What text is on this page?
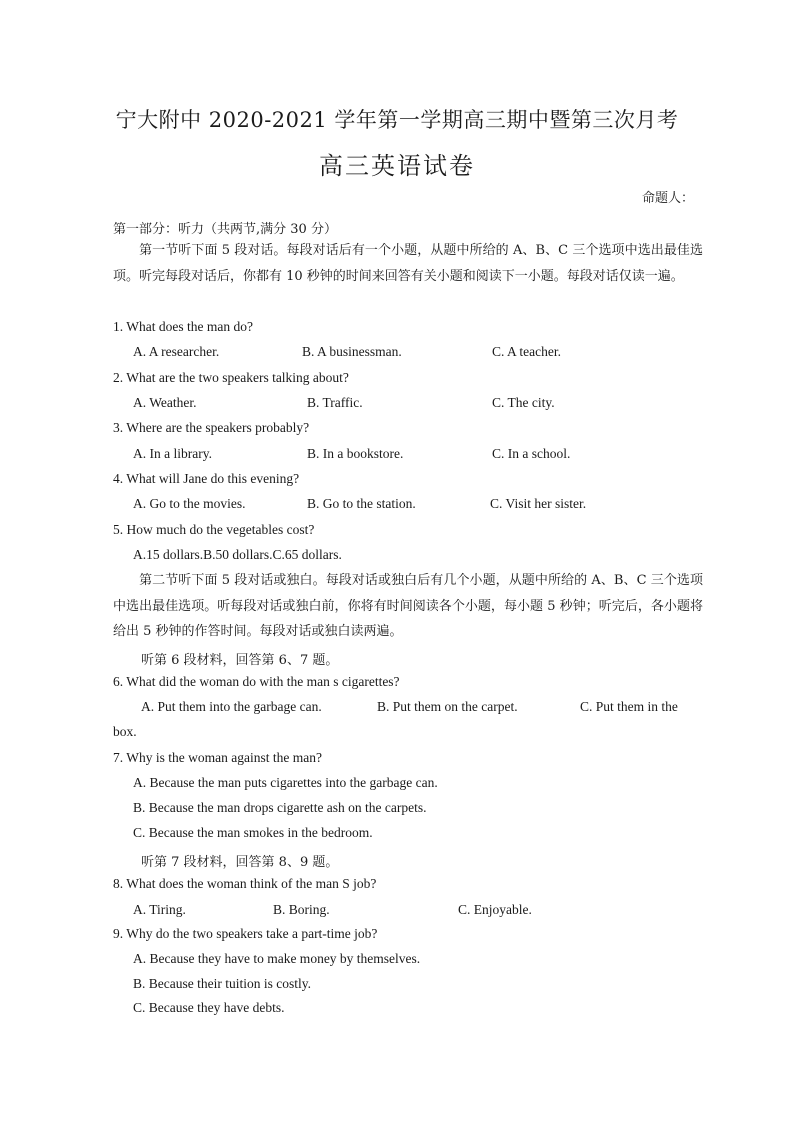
宁大附中 2020-2021 学年第一学期高三期中暨第三次月考
高三英语试卷
命题人：
第一部分：听力（共两节,满分 30 分）
第一节听下面 5 段对话。每段对话后有一个小题，从题中所给的 A、B、C 三个选项中选出最佳选项。听完每段对话后，你都有 10 秒钟的时间来回答有关小题和阅读下一小题。每段对话仅读一遍。
1. What does the man do?
A. A researcher.	B. A businessman.	C. A teacher.
2. What are the two speakers talking about?
A. Weather.	B. Traffic.	C. The city.
3. Where are the speakers probably?
A. In a library.	B. In a bookstore.	C. In a school.
4. What will Jane do this evening?
A. Go to the movies.	B. Go to the station.	C. Visit her sister.
5. How much do the vegetables cost?
A.15 dollars.B.50 dollars.C.65 dollars.
第二节听下面 5 段对话或独白。每段对话或独白后有几个小题，从题中所给的 A、B、C 三个选项中选出最佳选项。听每段对话或独白前，你将有时间阅读各个小题，每小题 5 秒钟；听完后，各小题将给出 5 秒钟的作答时间。每段对话或独白读两遍。
听第 6 段材料，回答第 6、7 题。
6. What did the woman do with the man s cigarettes?
A. Put them into the garbage can.	B. Put them on the carpet.	C. Put them in the
box.
7. Why is the woman against the man?
A. Because the man puts cigarettes into the garbage can.
B. Because the man drops cigarette ash on the carpets.
C. Because the man smokes in the bedroom.
听第 7 段材料，回答第 8、9 题。
8. What does the woman think of the man S job?
A. Tiring.	B. Boring.	C. Enjoyable.
9. Why do the two speakers take a part-time job?
A. Because they have to make money by themselves.
B. Because their tuition is costly.
C. Because they have debts.
